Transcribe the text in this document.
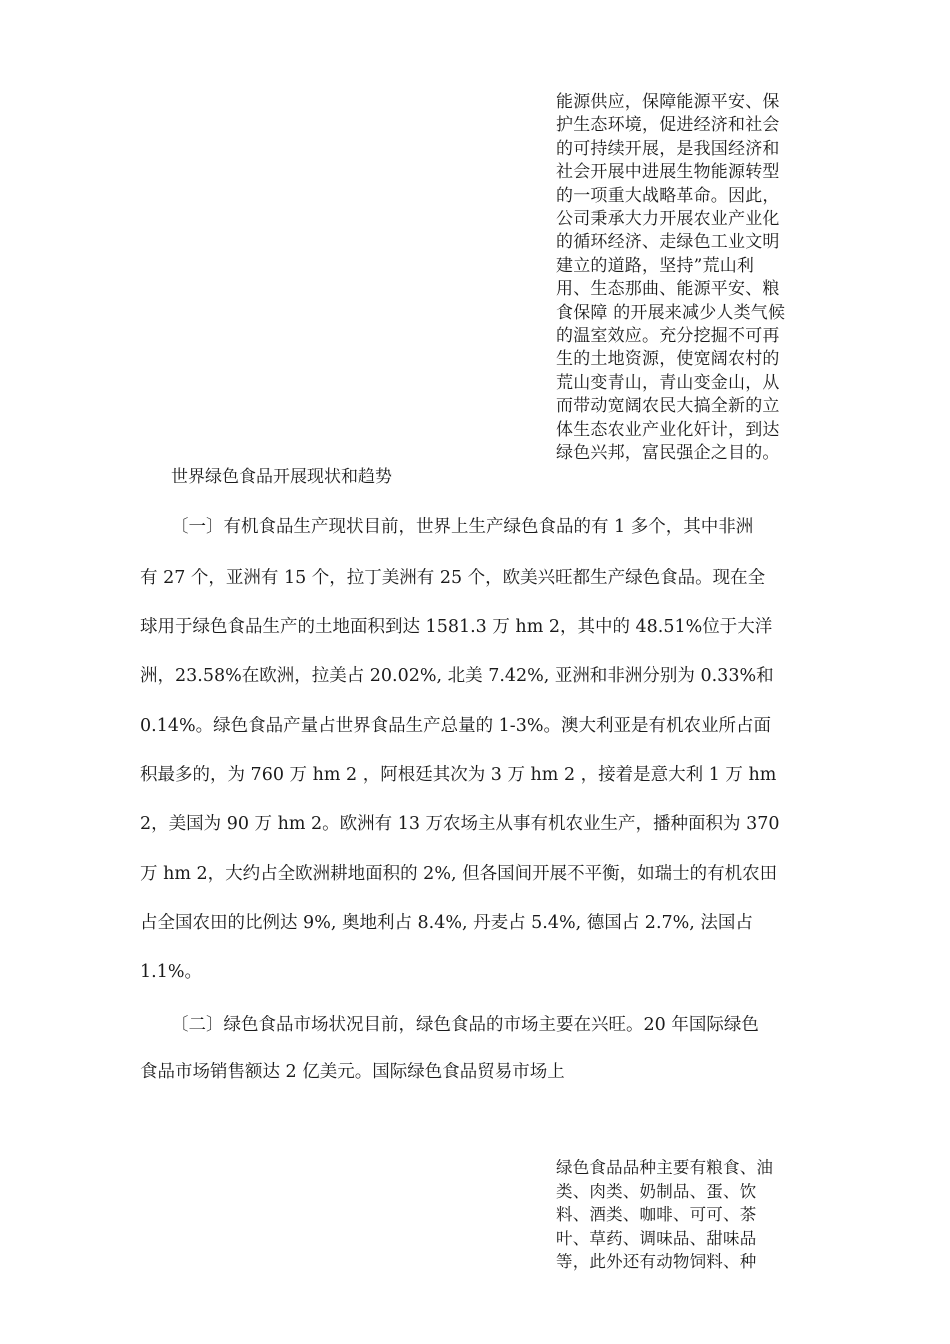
能源供应，保障能源平安、保
护生态环境，促进经济和社会
的可持续开展，是我国经济和
社会开展中进展生物能源转型
的一项重大战略革命。因此，
公司秉承大力开展农业产业化
的循环经济、走绿色工业文明
建立的道路，坚持”荒山利
用、生态那曲、能源平安、粮
食保障 的开展来减少人类气候
的温室效应。充分挖掘不可再
生的土地资源，使宽阔农村的
荒山变青山，青山变金山，从
而带动宽阔农民大搞全新的立
体生态农业产业化奸计，到达
绿色兴邦，富民强企之目的。
世界绿色食品开展现状和趋势
〔一〕有机食品生产现状目前，世界上生产绿色食品的有 1 多个，其中非洲
有 27 个，亚洲有 15 个，拉丁美洲有 25 个，欧美兴旺都生产绿色食品。现在全
球用于绿色食品生产的土地面积到达 1581.3 万 hm 2，其中的 48.51%位于大洋
洲，23.58%在欧洲，拉美占 20.02%, 北美 7.42%, 亚洲和非洲分别为 0.33%和
0.14%。绿色食品产量占世界食品生产总量的 1-3%。澳大利亚是有机农业所占面
积最多的，为 760 万 hm 2 ，阿根廷其次为 3 万 hm 2 ，接着是意大利 1 万 hm
2，美国为 90 万 hm 2。欧洲有 13 万农场主从事有机农业生产，播种面积为 370
万 hm 2，大约占全欧洲耕地面积的 2%, 但各国间开展不平衡，如瑞士的有机农田
占全国农田的比例达 9%, 奥地利占 8.4%, 丹麦占 5.4%, 德国占 2.7%, 法国占
1.1%。
〔二〕绿色食品市场状况目前，绿色食品的市场主要在兴旺。20 年国际绿色
食品市场销售额达 2 亿美元。国际绿色食品贸易市场上
绿色食品品种主要有粮食、油
类、肉类、奶制品、蛋、饮
料、酒类、咖啡、可可、茶
叶、草药、调味品、甜味品
等，此外还有动物饲料、种
